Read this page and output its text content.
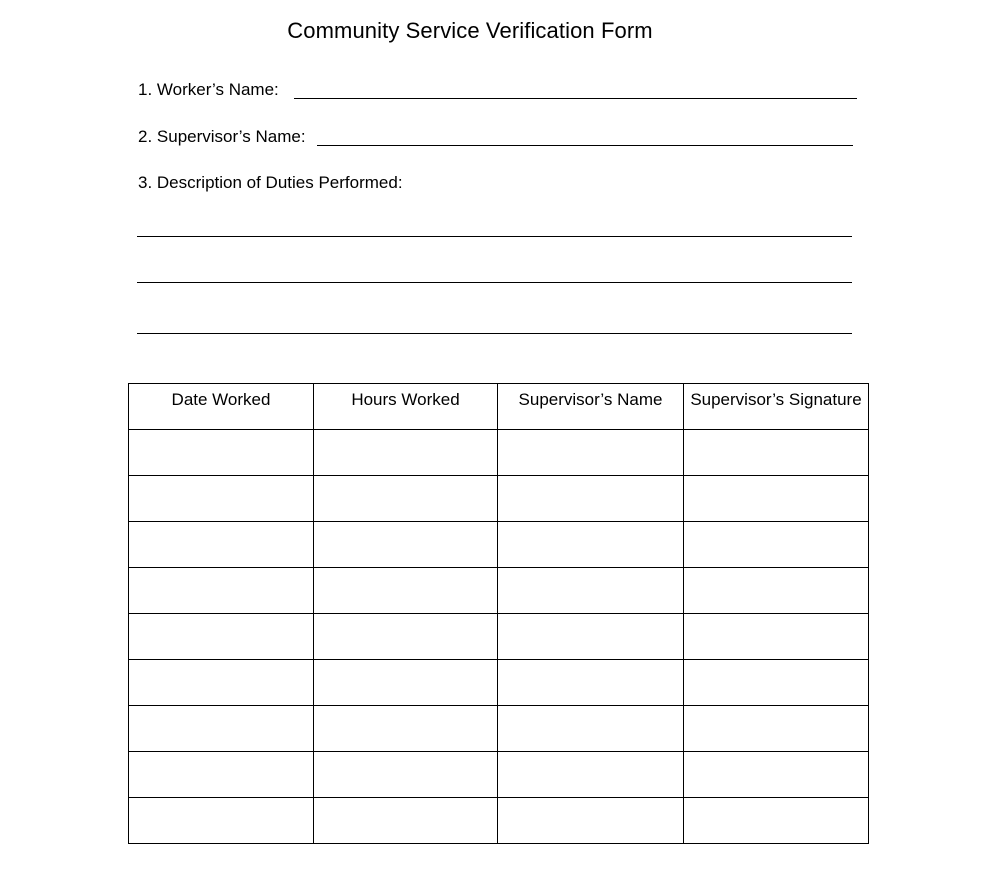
Community Service Verification Form
1. Worker’s Name:
2. Supervisor’s Name:
3. Description of Duties Performed:
Date Worked	Hours Worked	Supervisor’s Name	Supervisor’s Signature
